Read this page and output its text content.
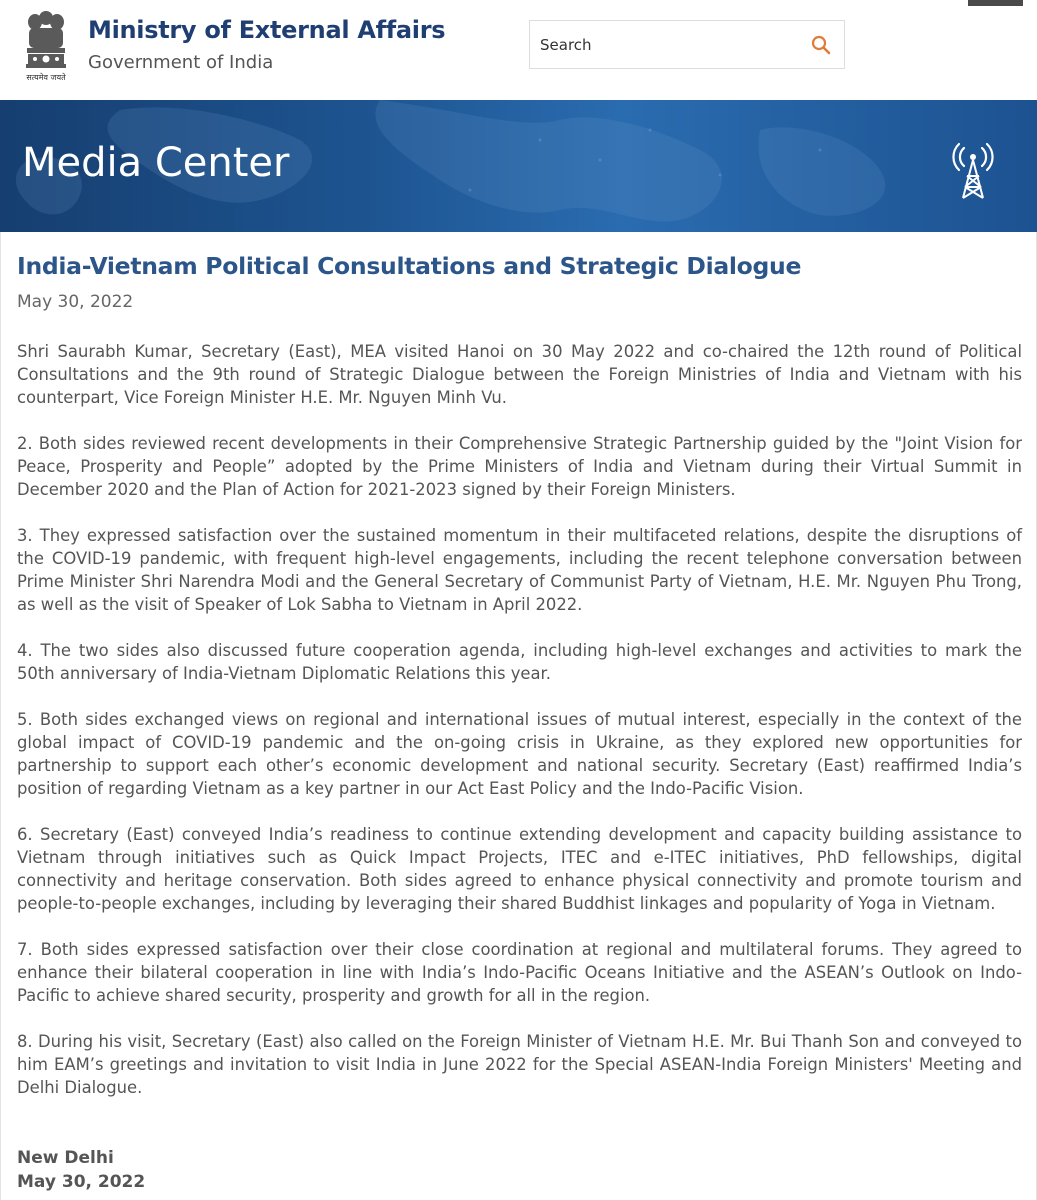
सत्यमेव जयते
Ministry of External Affairs
Government of India
Search
Media Center
India-Vietnam Political Consultations and Strategic Dialogue
May 30, 2022

Shri Saurabh Kumar, Secretary (East), MEA visited Hanoi on 30 May 2022 and co-chaired the 12th round of Political Consultations and the 9th round of Strategic Dialogue between the Foreign Ministries of India and Vietnam with his counterpart, Vice Foreign Minister H.E. Mr. Nguyen Minh Vu.

2. Both sides reviewed recent developments in their Comprehensive Strategic Partnership guided by the "Joint Vision for Peace, Prosperity and People” adopted by the Prime Ministers of India and Vietnam during their Virtual Summit in December 2020 and the Plan of Action for 2021-2023 signed by their Foreign Ministers.

3. They expressed satisfaction over the sustained momentum in their multifaceted relations, despite the disruptions of the COVID-19 pandemic, with frequent high-level engagements, including the recent telephone conversation between Prime Minister Shri Narendra Modi and the General Secretary of Communist Party of Vietnam, H.E. Mr. Nguyen Phu Trong, as well as the visit of Speaker of Lok Sabha to Vietnam in April 2022.

4. The two sides also discussed future cooperation agenda, including high-level exchanges and activities to mark the 50th anniversary of India-Vietnam Diplomatic Relations this year.

5. Both sides exchanged views on regional and international issues of mutual interest, especially in the context of the global impact of COVID-19 pandemic and the on-going crisis in Ukraine, as they explored new opportunities for partnership to support each other’s economic development and national security. Secretary (East) reaffirmed India’s position of regarding Vietnam as a key partner in our Act East Policy and the Indo-Pacific Vision.

6. Secretary (East) conveyed India’s readiness to continue extending development and capacity building assistance to Vietnam through initiatives such as Quick Impact Projects, ITEC and e-ITEC initiatives, PhD fellowships, digital connectivity and heritage conservation. Both sides agreed to enhance physical connectivity and promote tourism and people-to-people exchanges, including by leveraging their shared Buddhist linkages and popularity of Yoga in Vietnam.

7. Both sides expressed satisfaction over their close coordination at regional and multilateral forums. They agreed to enhance their bilateral cooperation in line with India’s Indo-Pacific Oceans Initiative and the ASEAN’s Outlook on Indo-Pacific to achieve shared security, prosperity and growth for all in the region.

8. During his visit, Secretary (East) also called on the Foreign Minister of Vietnam H.E. Mr. Bui Thanh Son and conveyed to him EAM’s greetings and invitation to visit India in June 2022 for the Special ASEAN-India Foreign Ministers' Meeting and Delhi Dialogue.

New Delhi
May 30, 2022
